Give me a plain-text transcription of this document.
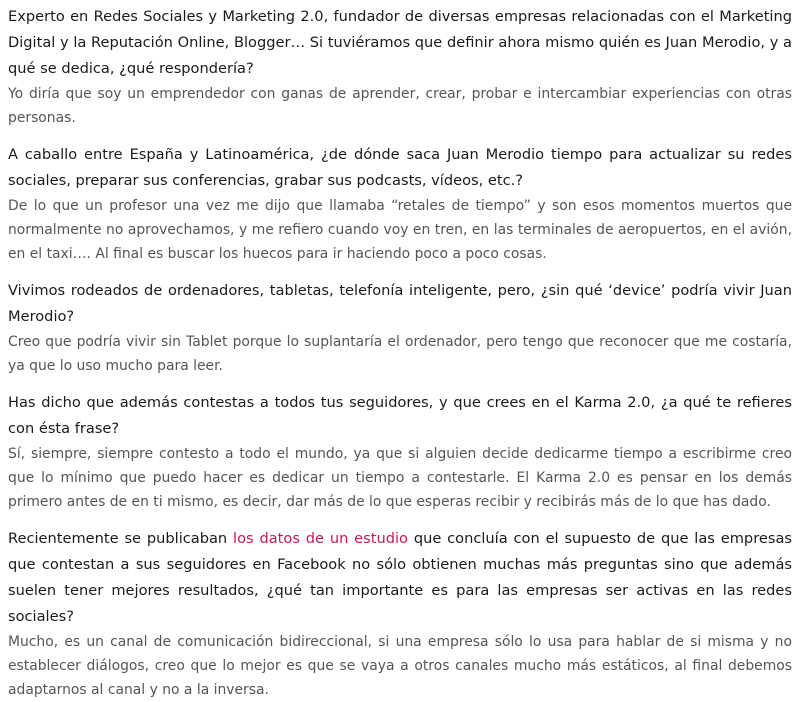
Experto en Redes Sociales y Marketing 2.0, fundador de diversas empresas relacionadas con el Marketing Digital y la Reputación Online, Blogger… Si tuviéramos que definir ahora mismo quién es Juan Merodio, y a qué se dedica, ¿qué respondería?

Yo diría que soy un emprendedor con ganas de aprender, crear, probar e intercambiar experiencias con otras personas.

A caballo entre España y Latinoamérica, ¿de dónde saca Juan Merodio tiempo para actualizar su redes sociales, preparar sus conferencias, grabar sus podcasts, vídeos, etc.?

De lo que un profesor una vez me dijo que llamaba “retales de tiempo” y son esos momentos muertos que normalmente no aprovechamos, y me refiero cuando voy en tren, en las terminales de aeropuertos, en el avión, en el taxi…. Al final es buscar los huecos para ir haciendo poco a poco cosas.

Vivimos rodeados de ordenadores, tabletas, telefonía inteligente, pero, ¿sin qué ‘device’ podría vivir Juan Merodio?

Creo que podría vivir sin Tablet porque lo suplantaría el ordenador, pero tengo que reconocer que me costaría, ya que lo uso mucho para leer.

Has dicho que además contestas a todos tus seguidores, y que crees en el Karma 2.0, ¿a qué te refieres con ésta frase?

Sí, siempre, siempre contesto a todo el mundo, ya que si alguien decide dedicarme tiempo a escribirme creo que lo mínimo que puedo hacer es dedicar un tiempo a contestarle. El Karma 2.0 es pensar en los demás primero antes de en ti mismo, es decir, dar más de lo que esperas recibir y recibirás más de lo que has dado.

Recientemente se publicaban los datos de un estudio que concluía con el supuesto de que las empresas que contestan a sus seguidores en Facebook no sólo obtienen muchas más preguntas sino que además suelen tener mejores resultados, ¿qué tan importante es para las empresas ser activas en las redes sociales?

Mucho, es un canal de comunicación bidireccional, si una empresa sólo lo usa para hablar de si misma y no establecer diálogos, creo que lo mejor es que se vaya a otros canales mucho más estáticos, al final debemos adaptarnos al canal y no a la inversa.
